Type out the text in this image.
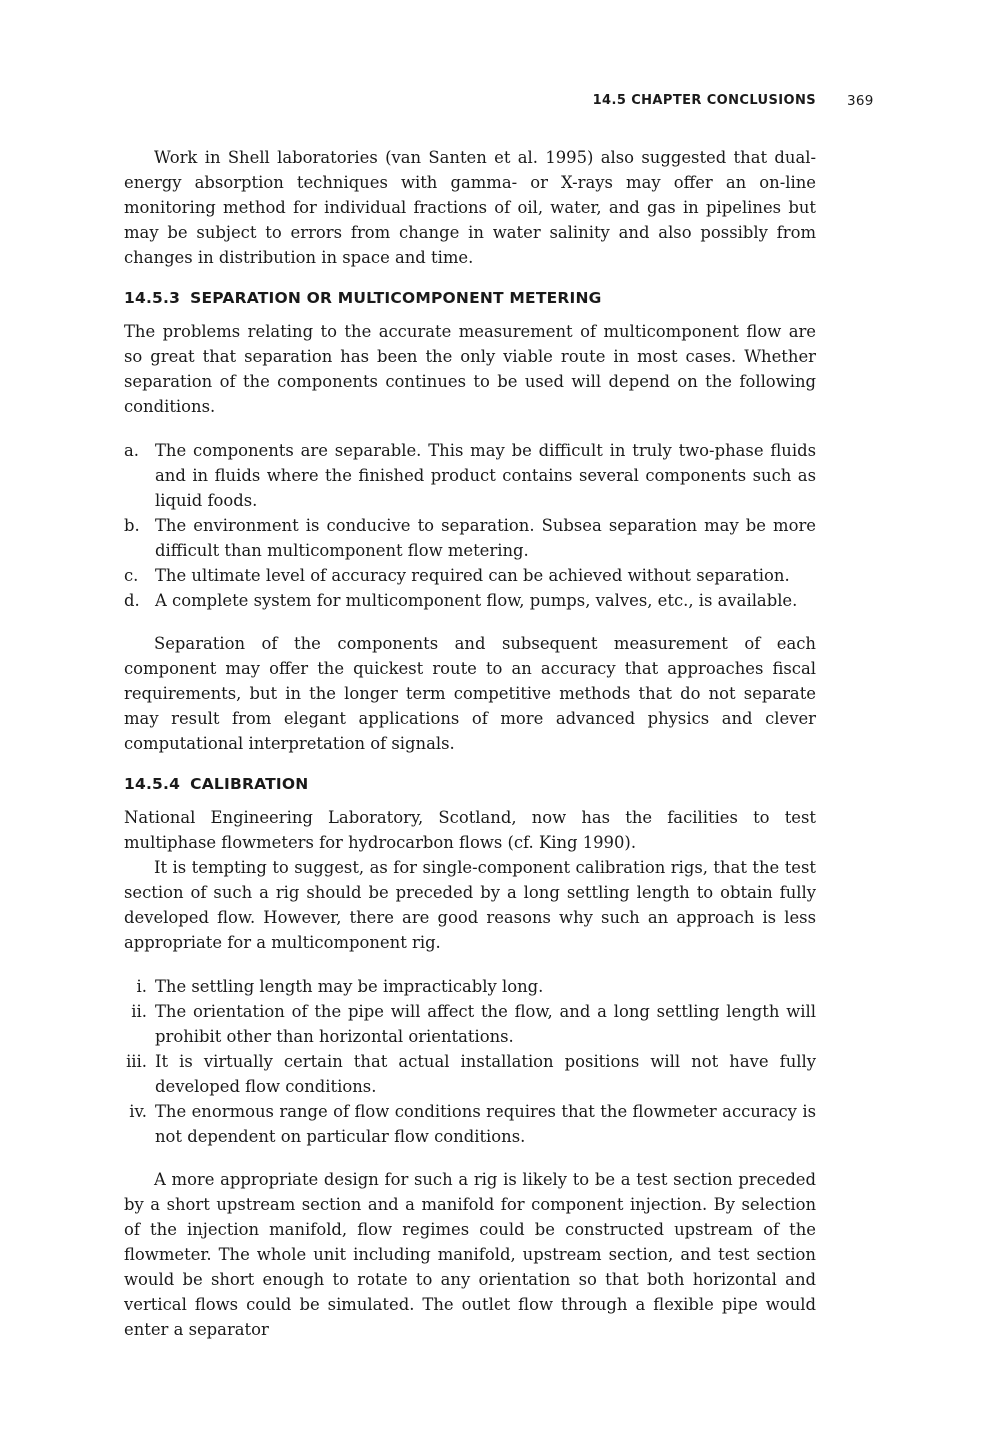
14.5 CHAPTER CONCLUSIONS 369

Work in Shell laboratories (van Santen et al. 1995) also suggested that dual-energy absorption techniques with gamma- or X-rays may offer an on-line monitoring method for individual fractions of oil, water, and gas in pipelines but may be subject to errors from change in water salinity and also possibly from changes in distribution in space and time.

14.5.3 SEPARATION OR MULTICOMPONENT METERING

The problems relating to the accurate measurement of multicomponent flow are so great that separation has been the only viable route in most cases. Whether separation of the components continues to be used will depend on the following conditions.

a. The components are separable. This may be difficult in truly two-phase fluids and in fluids where the finished product contains several components such as liquid foods.
b. The environment is conducive to separation. Subsea separation may be more difficult than multicomponent flow metering.
c. The ultimate level of accuracy required can be achieved without separation.
d. A complete system for multicomponent flow, pumps, valves, etc., is available.

Separation of the components and subsequent measurement of each component may offer the quickest route to an accuracy that approaches fiscal requirements, but in the longer term competitive methods that do not separate may result from elegant applications of more advanced physics and clever computational interpretation of signals.

14.5.4 CALIBRATION

National Engineering Laboratory, Scotland, now has the facilities to test multiphase flowmeters for hydrocarbon flows (cf. King 1990).

It is tempting to suggest, as for single-component calibration rigs, that the test section of such a rig should be preceded by a long settling length to obtain fully developed flow. However, there are good reasons why such an approach is less appropriate for a multicomponent rig.

i. The settling length may be impracticably long.
ii. The orientation of the pipe will affect the flow, and a long settling length will prohibit other than horizontal orientations.
iii. It is virtually certain that actual installation positions will not have fully developed flow conditions.
iv. The enormous range of flow conditions requires that the flowmeter accuracy is not dependent on particular flow conditions.

A more appropriate design for such a rig is likely to be a test section preceded by a short upstream section and a manifold for component injection. By selection of the injection manifold, flow regimes could be constructed upstream of the flowmeter. The whole unit including manifold, upstream section, and test section would be short enough to rotate to any orientation so that both horizontal and vertical flows could be simulated. The outlet flow through a flexible pipe would enter a separator
